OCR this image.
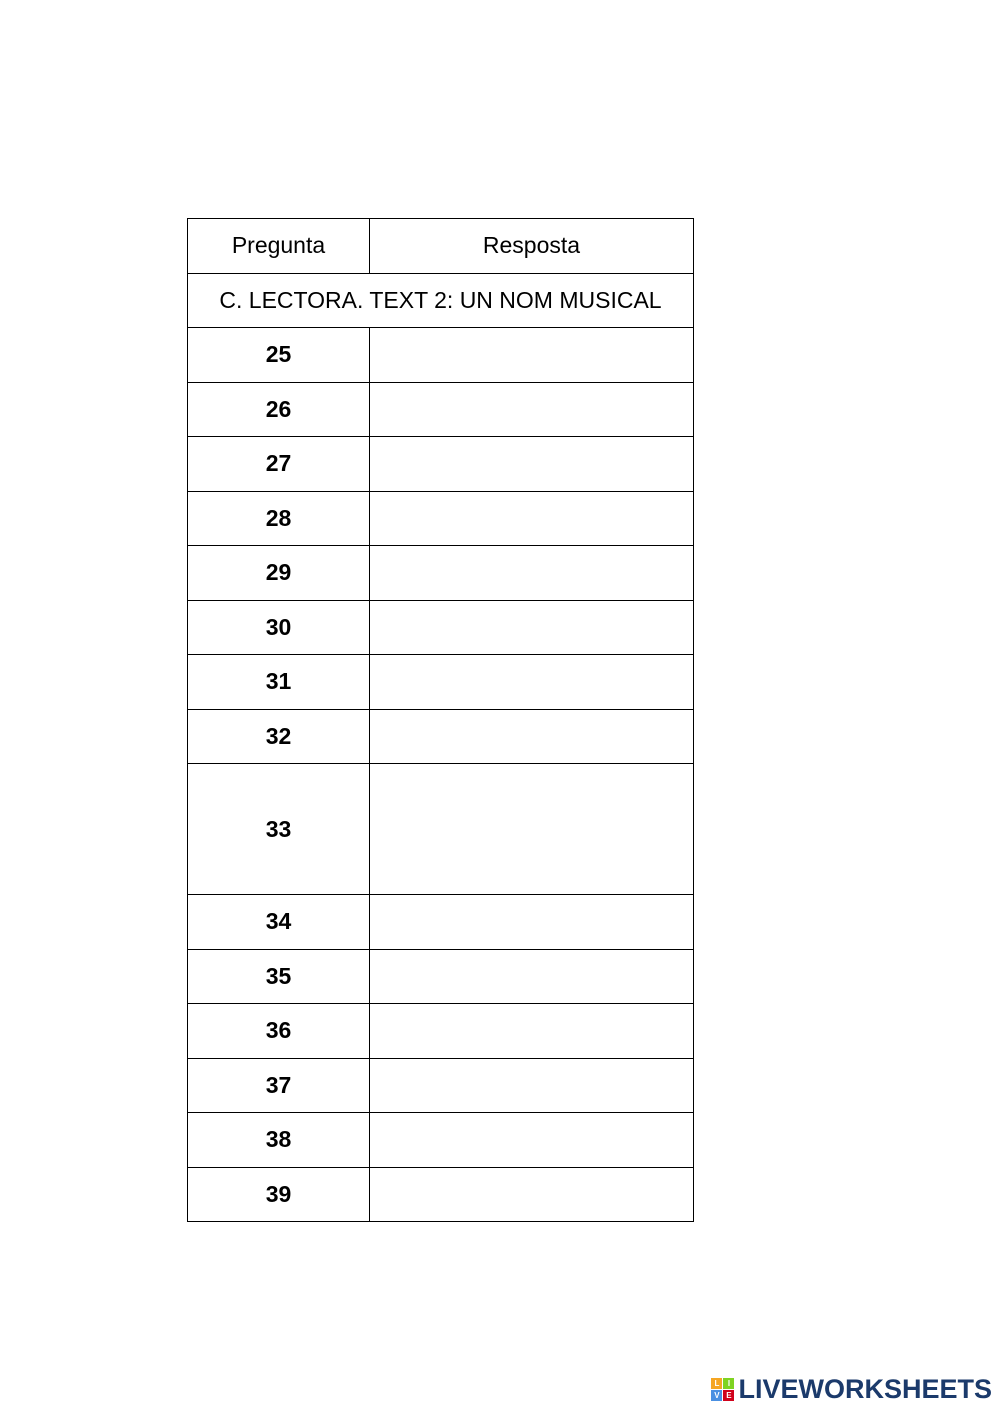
Pregunta	Resposta
C. LECTORA. TEXT 2: UN NOM MUSICAL	
25	
26	
27	
28	
29	
30	
31	
32	
33	
34	
35	
36	
37	
38	
39	
L	I
V E LIVEWORKSHEETS
